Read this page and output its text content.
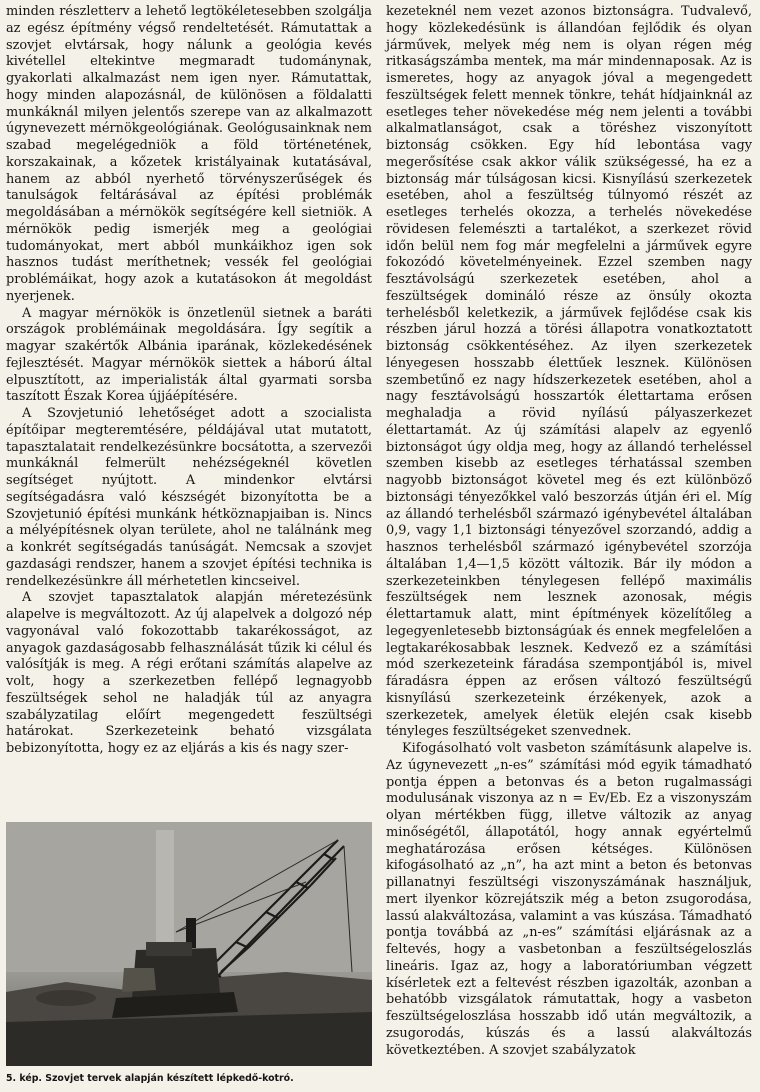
minden részletterv a lehető legtökéletesebben szolgálja az egész építmény végső rendeltetését. Rámutattak a szovjet elvtársak, hogy nálunk a geológia kevés kivétellel eltekintve megmaradt tudománynak, gyakorlati alkalmazást nem igen nyer. Rámutattak, hogy minden alapozásnál, de különösen a földalatti munkáknál milyen jelentős szerepe van az alkalmazott úgynevezett mérnökgeológiának. Geológusainknak nem szabad megelégedniök a föld történetének, korszakainak, a kőzetek kristályainak kutatásával, hanem az abból nyerhető törvényszerűségek és tanulságok feltárásával az építési problémák megoldásában a mérnökök segítségére kell sietniök. A mérnökök pedig ismerjék meg a geológiai tudományokat, mert abból munkáikhoz igen sok hasznos tudást meríthetnek; vessék fel geológiai problémáikat, hogy azok a kutatásokon át megoldást nyerjenek.

A magyar mérnökök is önzetlenül sietnek a baráti országok problémáinak megoldására. Így segítik a magyar szakértők Albánia iparának, közlekedésének fejlesztését. Magyar mérnökök siettek a háború által elpusztított, az imperialisták által gyarmati sorsba taszított Észak Korea újjáépítésére.

A Szovjetunió lehetőséget adott a szocialista építőipar megteremtésére, példájával utat mutatott, tapasztalatait rendelkezésünkre bocsátotta, a szervezői munkáknál felmerült nehézségeknél követlen segítséget nyújtott. A mindenkor elvtársi segítségadásra való készségét bizonyította be a Szovjetunió építési munkánk hétköznapjaiban is. Nincs a mélyépítésnek olyan területe, ahol ne találnánk meg a konkrét segítségadás tanúságát. Nemcsak a szovjet gazdasági rendszer, hanem a szovjet építési technika is rendelkezésünkre áll mérhetetlen kincseivel.

A szovjet tapasztalatok alapján méretezésünk alapelve is megváltozott. Az új alapelvek a dolgozó nép vagyonával való fokozottabb takarékosságot, az anyagok gazdaságosabb felhasználását tűzik ki célul és valósítják is meg. A régi erőtani számítás alapelve az volt, hogy a szerkezetben fellépő legnagyobb feszültségek sehol ne haladják túl az anyagra szabályzatilag előírt megengedett feszültségi határokat. Szerkezeteink beható vizsgálata bebizonyította, hogy ez az eljárás a kis és nagy szer-

5. kép. Szovjet tervek alapján készített lépkedő-kotró.

kezeteknél nem vezet azonos biztonságra. Tudvalevő, hogy közlekedésünk is állandóan fejlődik és olyan járművek, melyek még nem is olyan régen még ritkaságszámba mentek, ma már mindennaposak. Az is ismeretes, hogy az anyagok jóval a megengedett feszültségek felett mennek tönkre, tehát hídjainknál az esetleges teher növekedése még nem jelenti a további alkalmatlanságot, csak a töréshez viszonyított biztonság csökken. Egy híd lebontása vagy megerősítése csak akkor válik szükségessé, ha ez a biztonság már túlságosan kicsi. Kisnyílású szerkezetek esetében, ahol a feszültség túlnyomó részét az esetleges terhelés okozza, a terhelés növekedése rövidesen felemészti a tartalékot, a szerkezet rövid időn belül nem fog már megfelelni a járművek egyre fokozódó követelményeinek. Ezzel szemben nagy fesztávolságú szerkezetek esetében, ahol a feszültségek domináló része az önsúly okozta terhelésből keletkezik, a járművek fejlődése csak kis részben járul hozzá a törési állapotra vonatkoztatott biztonság csökkentéséhez. Az ilyen szerkezetek lényegesen hosszabb élettűek lesznek. Különösen szembetűnő ez nagy hídszerkezetek esetében, ahol a nagy fesztávolságú hosszartók élettartama erősen meghaladja a rövid nyílású pályaszerkezet élettartamát. Az új számítási alapelv az egyenlő biztonságot úgy oldja meg, hogy az állandó terheléssel szemben kisebb az esetleges térhatással szemben nagyobb biztonságot követel meg és ezt különböző biztonsági tényezőkkel való beszorzás útján éri el. Míg az állandó terhelésből származó igénybevétel általában 0,9, vagy 1,1 biztonsági tényezővel szorzandó, addig a hasznos terhelésből származó igénybevétel szorzója általában 1,4—1,5 között változik. Bár ily módon a szerkezeteinkben ténylegesen fellépő maximális feszültségek nem lesznek azonosak, mégis élettartamuk alatt, mint építmények közelítőleg a legegyenletesebb biztonságúak és ennek megfelelően a legtakarékosabbak lesznek. Kedvező ez a számítási mód szerkezeteink fáradása szempontjából is, mivel fáradásra éppen az erősen változó feszültségű kisnyílású szerkezeteink érzékenyek, azok a szerkezetek, amelyek életük elején csak kisebb tényleges feszültségeket szenvednek.

Kifogásolható volt vasbeton számításunk alapelve is. Az úgynevezett „n-es” számítási mód egyik támadható pontja éppen a betonvas és a beton rugalmassági modulusának viszonya az n = Ev/Eb. Ez a viszonyszám olyan mértékben függ, illetve változik az anyag minőségétől, állapotától, hogy annak egyértelmű meghatározása erősen kétséges. Különösen kifogásolható az „n”, ha azt mint a beton és betonvas pillanatnyi feszültségi viszonyszámának használjuk, mert ilyenkor közrejátszik még a beton zsugorodása, lassú alakváltozása, valamint a vas kúszása. Támadható pontja továbbá az „n-es” számítási eljárásnak az a feltevés, hogy a vasbetonban a feszültségeloszlás lineáris. Igaz az, hogy a laboratóriumban végzett kísérletek ezt a feltevést részben igazolták, azonban a behatóbb vizsgálatok rámutattak, hogy a vasbeton feszültségeloszlása hosszabb idő után megváltozik, a zsugorodás, kúszás és a lassú alakváltozás következtében. A szovjet szabályzatok
